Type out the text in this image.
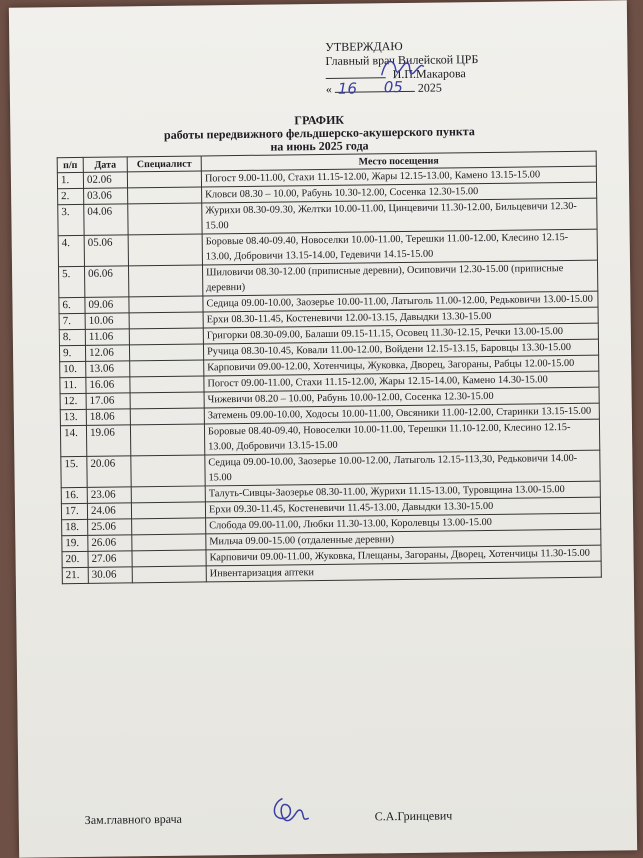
УТВЕРЖДАЮ
Главный врач Вилейской ЦРБ
И.П.Макарова
«	2025
16 05
ГРАФИК
работы передвижного фельдшерско-акушерского пункта
на июнь 2025 года
п/п	Дата	Специалист	Место посещения
1.	02.06		Погост 9.00-11.00, Стахи 11.15-12.00, Жары 12.15-13.00, Камено 13.15-15.00
2.	03.06		Кловси 08.30 – 10.00, Рабунь 10.30-12.00, Сосенка 12.30-15.00
3.	04.06		Журихи 08.30-09.30, Желтки 10.00-11.00, Цинцевичи 11.30-12.00, Бильцевичи 12.30-15.00
4.	05.06		Боровые 08.40-09.40, Новоселки 10.00-11.00, Терешки 11.00-12.00, Клесино 12.15-13.00, Добровичи 13.15-14.00, Гедевичи 14.15-15.00
5.	06.06		Шиловичи 08.30-12.00 (приписные деревни), Осиповичи 12.30-15.00 (приписные деревни)
6.	09.06		Седица 09.00-10.00, Заозерье 10.00-11.00, Латыголь 11.00-12.00, Редьковичи 13.00-15.00
7.	10.06		Ерхи 08.30-11.45, Костеневичи 12.00-13.15, Давыдки 13.30-15.00
8.	11.06		Григорки 08.30-09.00, Балаши 09.15-11.15, Осовец 11.30-12.15, Речки 13.00-15.00
9.	12.06		Ручица 08.30-10.45, Ковали 11.00-12.00, Войдени 12.15-13.15, Баровцы 13.30-15.00
10.	13.06		Карповичи 09.00-12.00, Хотенчицы, Жуковка, Дворец, Загораны, Рабцы 12.00-15.00
11.	16.06		Погост 09.00-11.00, Стахи 11.15-12.00, Жары 12.15-14.00, Камено 14.30-15.00
12.	17.06		Чижевичи 08.20 – 10.00, Рабунь 10.00-12.00, Сосенка 12.30-15.00
13.	18.06		Затемень 09.00-10.00, Ходосы 10.00-11.00, Овсяники 11.00-12.00, Старинки 13.15-15.00
14.	19.06		Боровые 08.40-09.40, Новоселки 10.00-11.00, Терешки 11.10-12.00, Клесино 12.15-13.00, Добровичи 13.15-15.00
15.	20.06		Седица 09.00-10.00, Заозерье 10.00-12.00, Латыголь 12.15-113,30, Редьковичи 14.00-15.00
16.	23.06		Талуть-Сивцы-Заозерье 08.30-11.00, Журихи 11.15-13.00, Туровщина 13.00-15.00
17.	24.06		Ерхи 09.30-11.45, Костеневичи 11.45-13.00, Давыдки 13.30-15.00
18.	25.06		Слобода 09.00-11.00, Любки 11.30-13.00, Королевцы 13.00-15.00
19.	26.06		Мильча 09.00-15.00 (отдаленные деревни)
20.	27.06		Карповичи 09.00-11.00, Жуковка, Плещаны, Загораны, Дворец, Хотенчицы 11.30-15.00
21.	30.06		Инвентаризация аптеки
Зам.главного врача	С.А.Гринцевич
